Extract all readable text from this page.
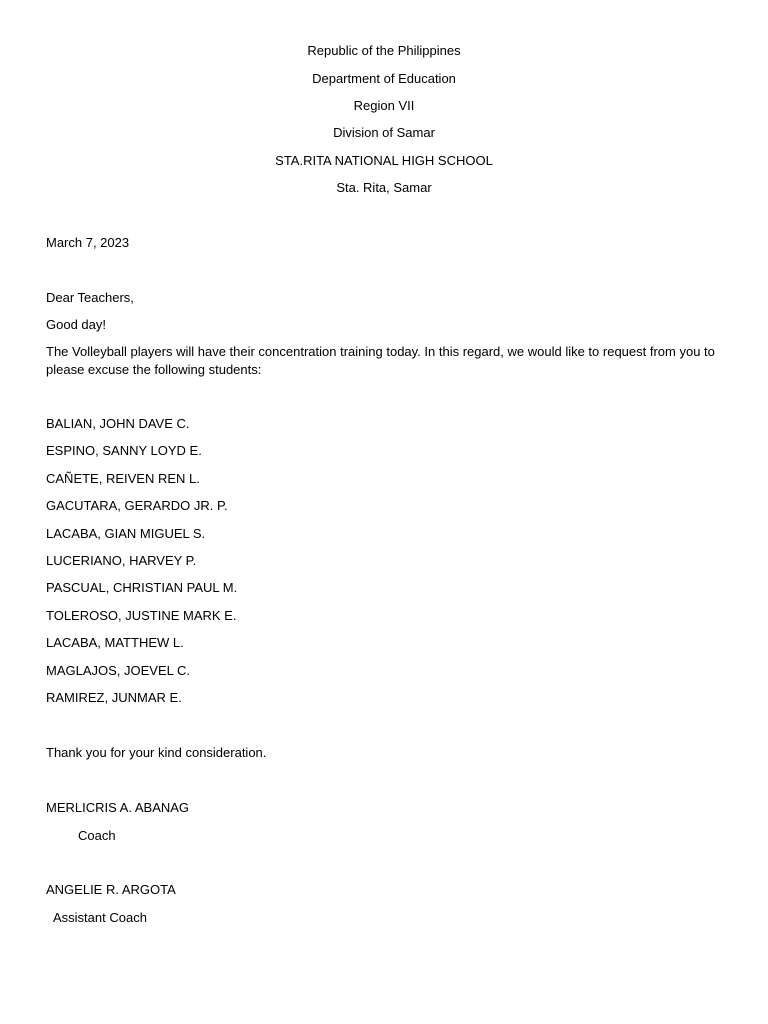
Republic of the Philippines
Department of Education
Region VII
Division of Samar
STA.RITA NATIONAL HIGH SCHOOL
Sta. Rita, Samar
March 7, 2023
Dear Teachers,
Good day!
The Volleyball players will have their concentration training today. In this regard, we would like to request from you to please excuse the following students:
BALIAN, JOHN DAVE C.
ESPINO, SANNY LOYD E.
CAÑETE, REIVEN REN L.
GACUTARA, GERARDO JR. P.
LACABA, GIAN MIGUEL S.
LUCERIANO, HARVEY P.
PASCUAL, CHRISTIAN PAUL M.
TOLEROSO, JUSTINE MARK E.
LACABA, MATTHEW L.
MAGLAJOS, JOEVEL C.
RAMIREZ, JUNMAR E.
Thank you for your kind consideration.
MERLICRIS A. ABANAG
Coach
ANGELIE R. ARGOTA
Assistant Coach
